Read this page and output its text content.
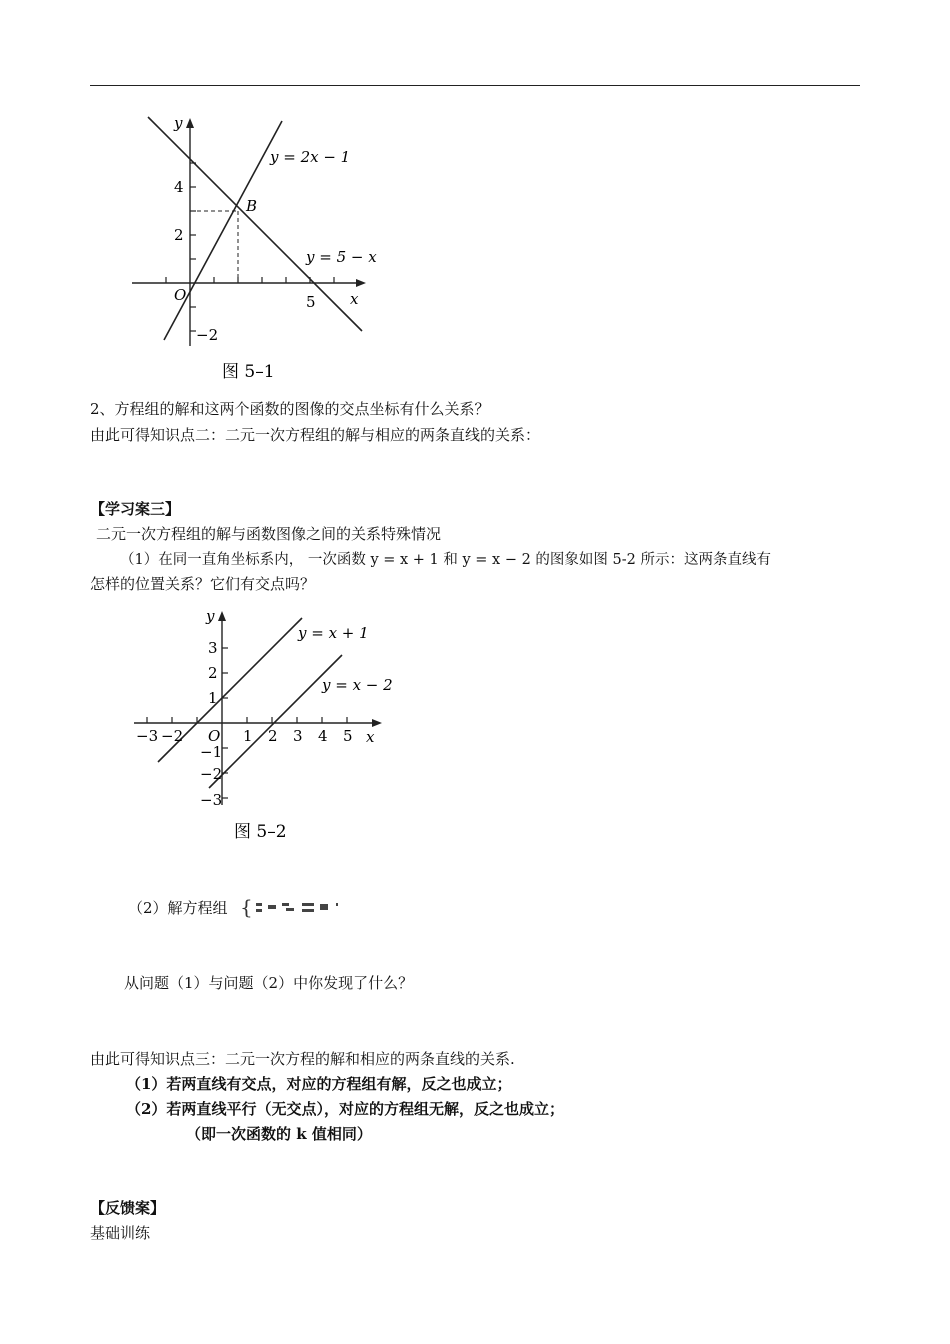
y
x
O
4
2
−2
5
B
y = 2x − 1
y = 5 − x
图 5–1
2、方程组的解和这两个函数的图像的交点坐标有什么关系？
由此可得知识点二：二元一次方程组的解与相应的两条直线的关系：
【学习案三】
二元一次方程组的解与函数图像之间的关系特殊情况
（1）在同一直角坐标系内， 一次函数 y = x + 1 和 y = x − 2 的图象如图 5-2 所示：这两条直线有
怎样的位置关系？它们有交点吗？
y
x
O
3
2
1
−1
−2
−3
−3 −2	1 2 3 4 5
y = x + 1
y = x − 2
图 5–2
（2）解方程组 {
从问题（1）与问题（2）中你发现了什么？
由此可得知识点三：二元一次方程的解和相应的两条直线的关系.
（1）若两直线有交点，对应的方程组有解，反之也成立；
（2）若两直线平行（无交点），对应的方程组无解，反之也成立；
（即一次函数的 k 值相同）
【反馈案】
基础训练
